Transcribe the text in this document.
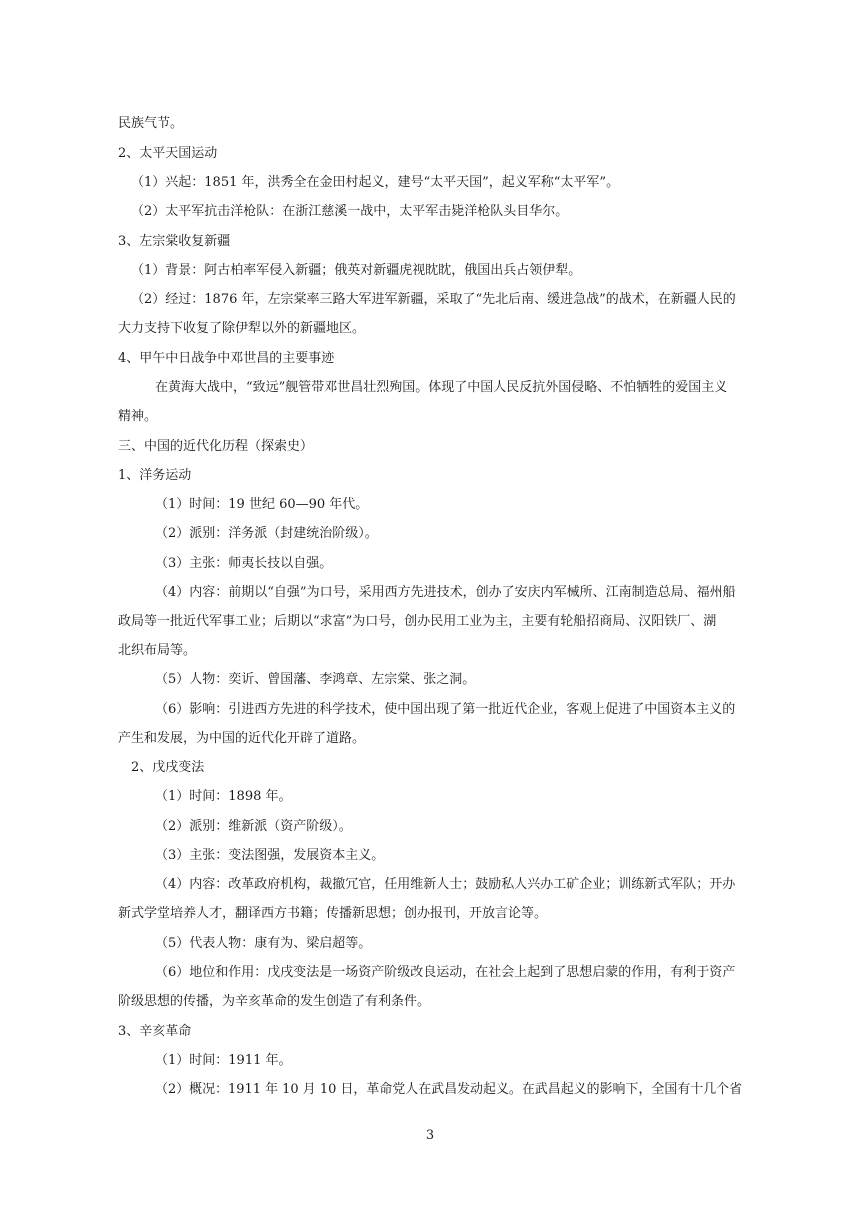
民族气节。
2、太平天国运动
（1）兴起：1851 年，洪秀全在金田村起义，建号“太平天国”，起义军称“太平军”。
（2）太平军抗击洋枪队：在浙江慈溪一战中，太平军击毙洋枪队头目华尔。
3、左宗棠收复新疆
（1）背景：阿古柏率军侵入新疆；俄英对新疆虎视眈眈，俄国出兵占领伊犁。
（2）经过：1876 年，左宗棠率三路大军进军新疆，采取了“先北后南、缓进急战”的战术，在新疆人民的
大力支持下收复了除伊犁以外的新疆地区。
4、甲午中日战争中邓世昌的主要事迹
在黄海大战中，“致远”舰管带邓世昌壮烈殉国。体现了中国人民反抗外国侵略、不怕牺牲的爱国主义
精神。
三、中国的近代化历程（探索史）
1、洋务运动
（1）时间：19 世纪 60—90 年代。
（2）派别：洋务派（封建统治阶级）。
（3）主张：师夷长技以自强。
（4）内容：前期以“自强”为口号，采用西方先进技术，创办了安庆内军械所、江南制造总局、福州船
政局等一批近代军事工业；后期以“求富”为口号，创办民用工业为主，主要有轮船招商局、汉阳铁厂、湖
北织布局等。
（5）人物：奕䜣、曾国藩、李鸿章、左宗棠、张之洞。
（6）影响：引进西方先进的科学技术，使中国出现了第一批近代企业，客观上促进了中国资本主义的
产生和发展，为中国的近代化开辟了道路。
2、戊戌变法
（1）时间：1898 年。
（2）派别：维新派（资产阶级）。
（3）主张：变法图强，发展资本主义。
（4）内容：改革政府机构，裁撤冗官，任用维新人士；鼓励私人兴办工矿企业；训练新式军队；开办
新式学堂培养人才，翻译西方书籍；传播新思想；创办报刊，开放言论等。
（5）代表人物：康有为、梁启超等。
（6）地位和作用：戊戌变法是一场资产阶级改良运动，在社会上起到了思想启蒙的作用，有利于资产
阶级思想的传播，为辛亥革命的发生创造了有利条件。
3、辛亥革命
（1）时间：1911 年。
（2）概况：1911 年 10 月 10 日，革命党人在武昌发动起义。在武昌起义的影响下，全国有十几个省
3
